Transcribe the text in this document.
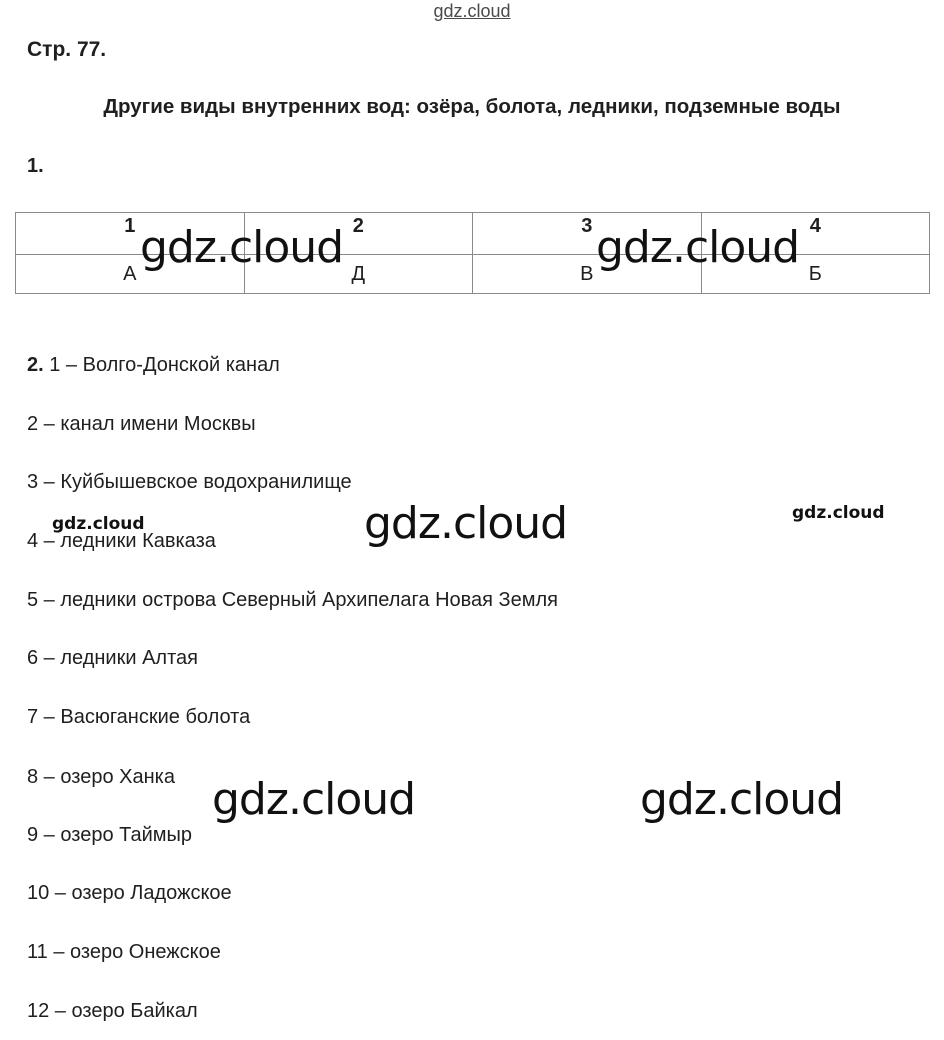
gdz.cloud
Стр. 77.
Другие виды внутренних вод: озёра, болота, ледники, подземные воды
1.
1	2	3	4
А	Д	В	Б
2. 1 – Волго-Донской канал
2 – канал имени Москвы
3 – Куйбышевское водохранилище
4 – ледники Кавказа
5 – ледники острова Северный Архипелага Новая Земля
6 – ледники Алтая
7 – Васюганские болота
8 – озеро Ханка
9 – озеро Таймыр
10 – озеро Ладожское
11 – озеро Онежское
12 – озеро Байкал
gdz.cloud	gdz.cloud
gdz.cloud
gdz.cloud	gdz.cloud
gdz.cloud
gdz.cloud
